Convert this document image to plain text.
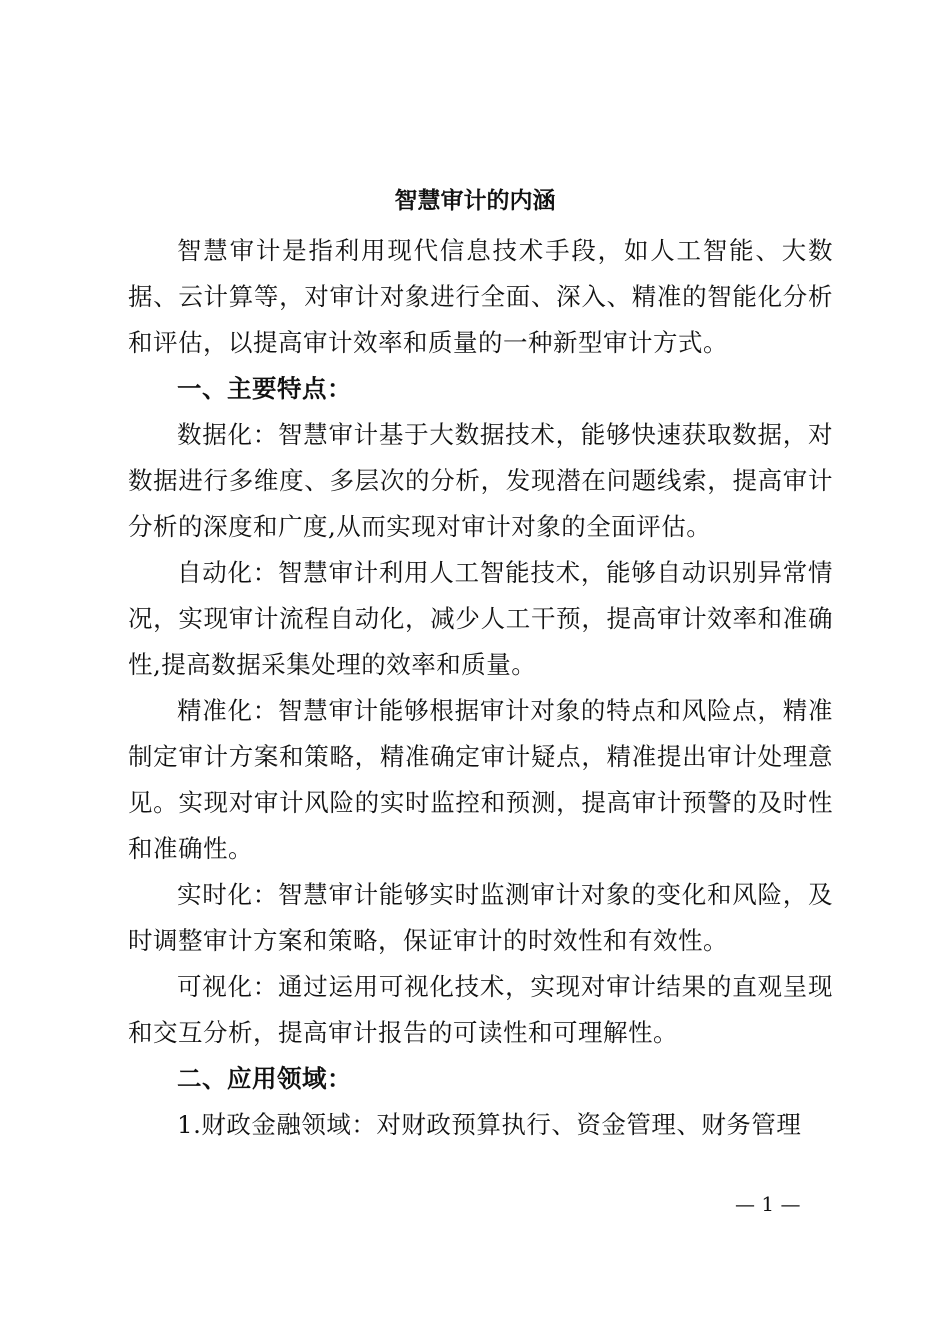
智慧审计的内涵

智慧审计是指利用现代信息技术手段，如人工智能、大数据、云计算等，对审计对象进行全面、深入、精准的智能化分析和评估，以提高审计效率和质量的一种新型审计方式。

一、主要特点：

数据化：智慧审计基于大数据技术，能够快速获取数据，对数据进行多维度、多层次的分析，发现潜在问题线索，提高审计分析的深度和广度,从而实现对审计对象的全面评估。

自动化：智慧审计利用人工智能技术，能够自动识别异常情况，实现审计流程自动化，减少人工干预，提高审计效率和准确性,提高数据采集处理的效率和质量。

精准化：智慧审计能够根据审计对象的特点和风险点，精准制定审计方案和策略，精准确定审计疑点，精准提出审计处理意见。实现对审计风险的实时监控和预测，提高审计预警的及时性和准确性。

实时化：智慧审计能够实时监测审计对象的变化和风险，及时调整审计方案和策略，保证审计的时效性和有效性。

可视化：通过运用可视化技术，实现对审计结果的直观呈现和交互分析，提高审计报告的可读性和可理解性。

二、应用领域：

1.财政金融领域：对财政预算执行、资金管理、财务管理

— 1 —
